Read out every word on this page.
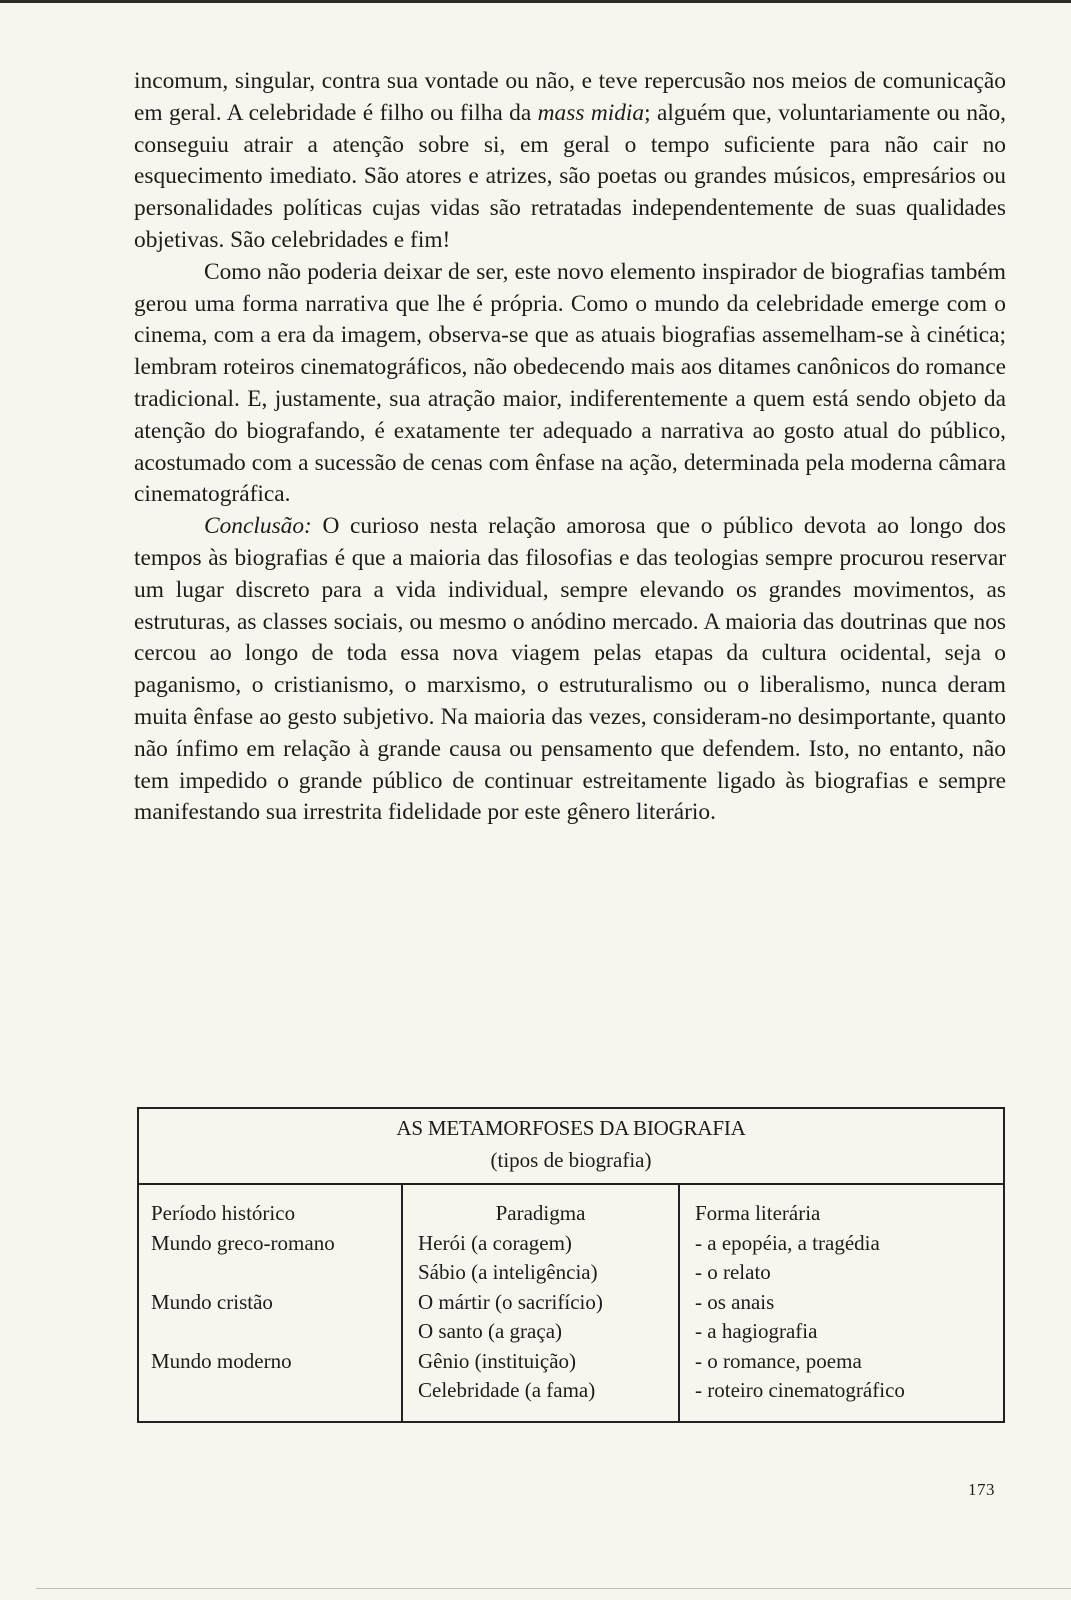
incomum, singular, contra sua vontade ou não, e teve repercusão nos meios de comunicação em geral. A celebridade é filho ou filha da mass midia; alguém que, voluntariamente ou não, conseguiu atrair a atenção sobre si, em geral o tempo suficiente para não cair no esquecimento imediato. São atores e atrizes, são poetas ou grandes músicos, empresários ou personalidades políticas cujas vidas são retratadas independentemente de suas qualidades objetivas. São celebridades e fim!

Como não poderia deixar de ser, este novo elemento inspirador de biografias também gerou uma forma narrativa que lhe é própria. Como o mundo da celebridade emerge com o cinema, com a era da imagem, observa-se que as atuais biografias assemelham-se à cinética; lembram roteiros cinematográficos, não obedecendo mais aos ditames canônicos do romance tradicional. E, justamente, sua atração maior, indiferentemente a quem está sendo objeto da atenção do biografando, é exatamente ter adequado a narrativa ao gosto atual do público, acostumado com a sucessão de cenas com ênfase na ação, determinada pela moderna câmara cinematográfica.

Conclusão: O curioso nesta relação amorosa que o público devota ao longo dos tempos às biografias é que a maioria das filosofias e das teologias sempre procurou reservar um lugar discreto para a vida individual, sempre elevando os grandes movimentos, as estruturas, as classes sociais, ou mesmo o anódino mercado. A maioria das doutrinas que nos cercou ao longo de toda essa nova viagem pelas etapas da cultura ocidental, seja o paganismo, o cristianismo, o marxismo, o estruturalismo ou o liberalismo, nunca deram muita ênfase ao gesto subjetivo. Na maioria das vezes, consideram-no desimportante, quanto não ínfimo em relação à grande causa ou pensamento que defendem. Isto, no entanto, não tem impedido o grande público de continuar estreitamente ligado às biografias e sempre manifestando sua irrestrita fidelidade por este gênero literário.

AS METAMORFOSES DA BIOGRAFIA
(tipos de biografia)
Período histórico
Mundo greco-romano
Mundo cristão
Mundo moderno
Paradigma
Herói (a coragem)
Sábio (a inteligência)
O mártir (o sacrifício)
O santo (a graça)
Gênio (instituição)
Celebridade (a fama)
Forma literária
- a epopéia, a tragédia
- o relato
- os anais
- a hagiografia
- o romance, poema
- roteiro cinematográfico
173
